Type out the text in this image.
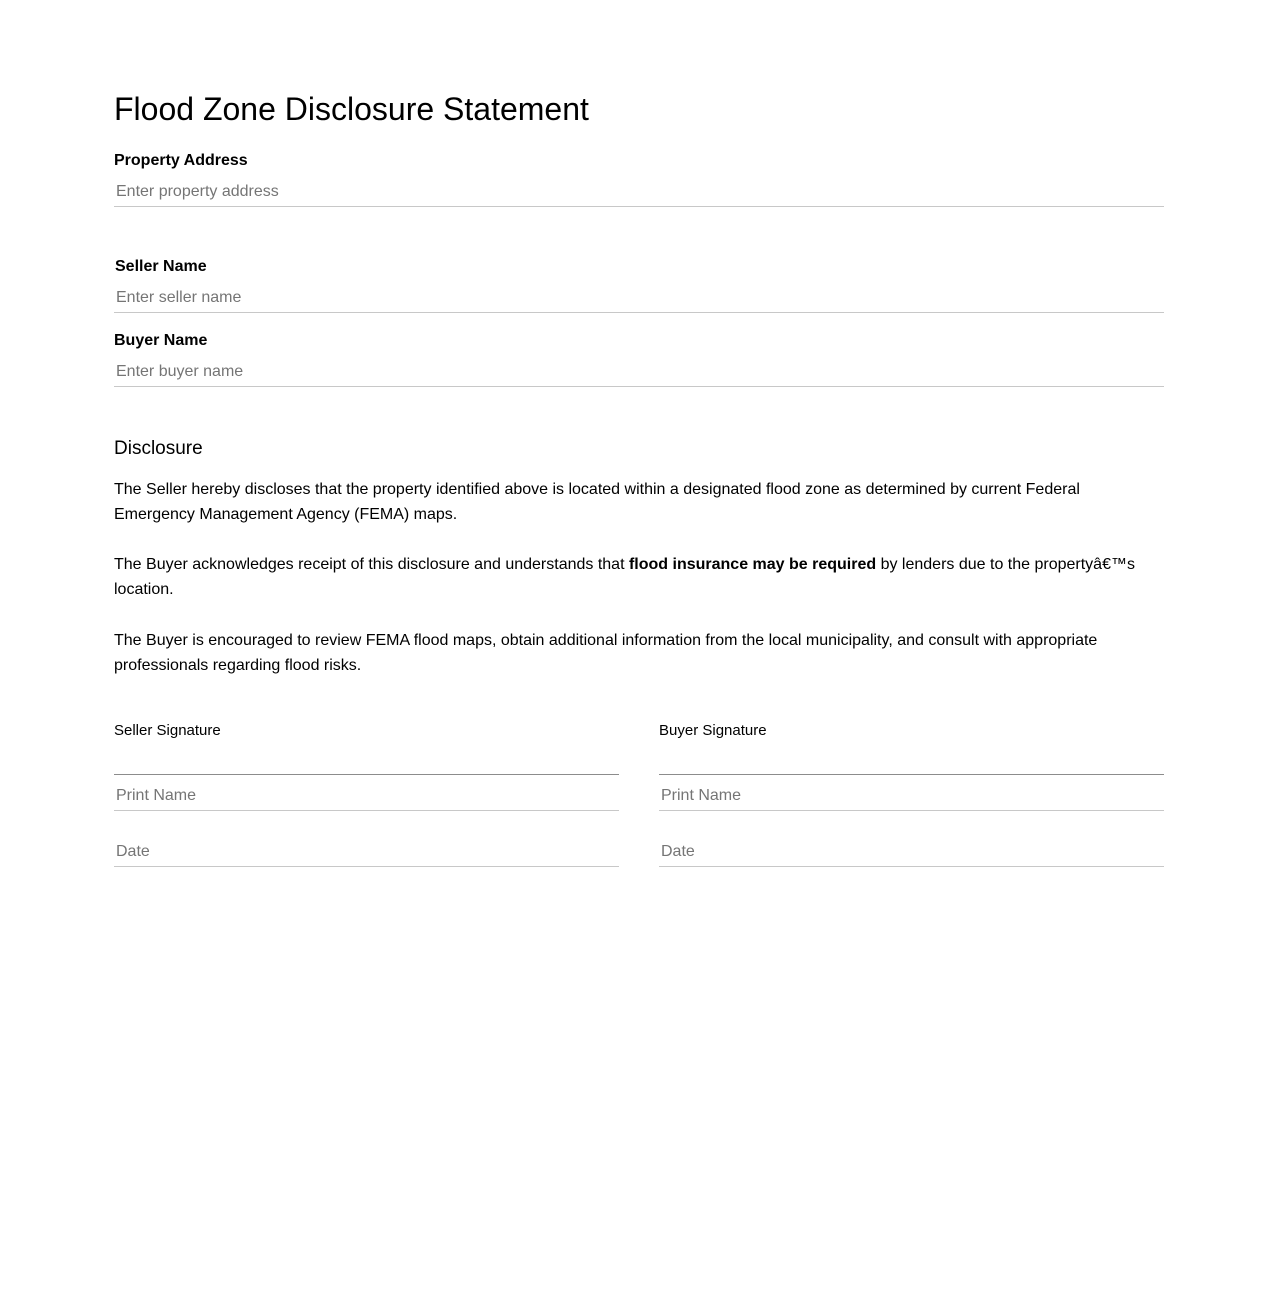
Flood Zone Disclosure Statement
Property Address
Enter property address
Seller Name
Enter seller name
Buyer Name
Enter buyer name
Disclosure

The Seller hereby discloses that the property identified above is located within a designated flood zone as determined by current Federal Emergency Management Agency (FEMA) maps.

The Buyer acknowledges receipt of this disclosure and understands that flood insurance may be required by lenders due to the propertyâ€™s location.

The Buyer is encouraged to review FEMA flood maps, obtain additional information from the local municipality, and consult with appropriate professionals regarding flood risks.

Seller Signature
Print Name
Date	Buyer Signature
Print Name
Date
